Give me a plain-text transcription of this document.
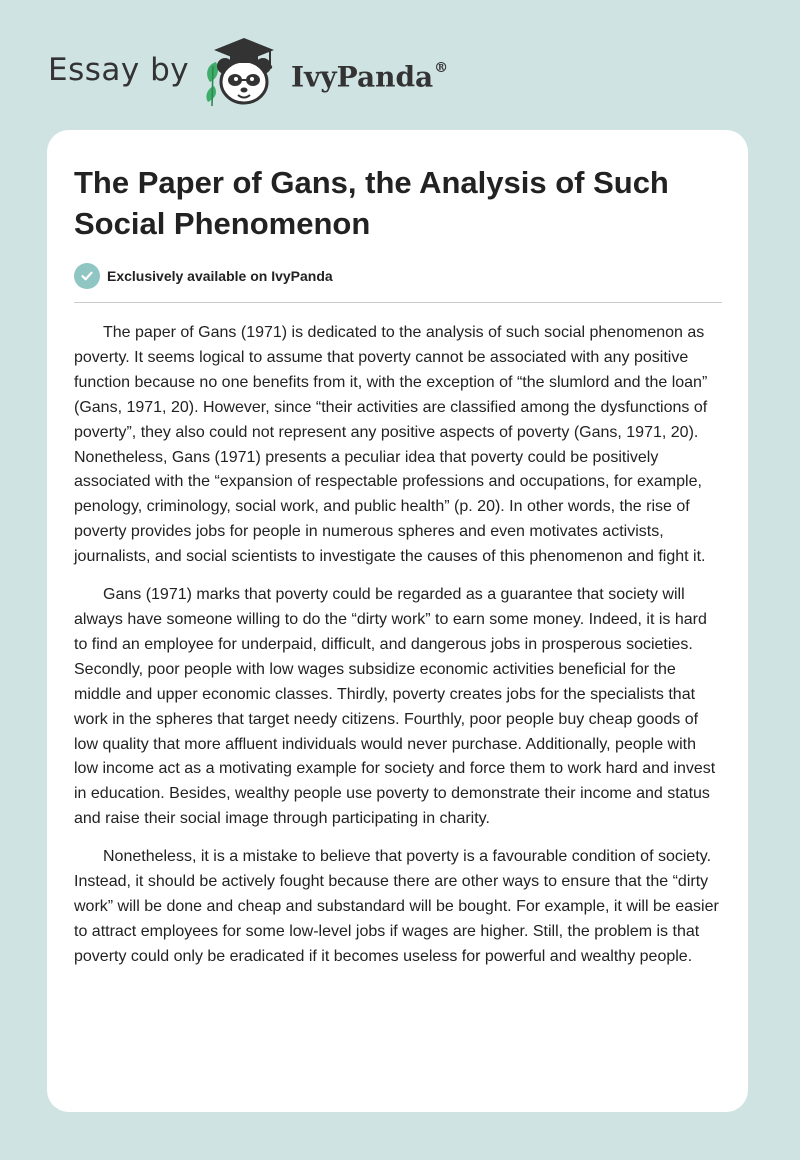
Essay by	IvyPanda®
The Paper of Gans, the Analysis of Such Social Phenomenon
Exclusively available on IvyPanda

The paper of Gans (1971) is dedicated to the analysis of such social phenomenon as poverty. It seems logical to assume that poverty cannot be associated with any positive function because no one benefits from it, with the exception of “the slumlord and the loan” (Gans, 1971, 20). However, since “their activities are classified among the dysfunctions of poverty”, they also could not represent any positive aspects of poverty (Gans, 1971, 20). Nonetheless, Gans (1971) presents a peculiar idea that poverty could be positively associated with the “expansion of respectable professions and occupations, for example, penology, criminology, social work, and public health” (p. 20). In other words, the rise of poverty provides jobs for people in numerous spheres and even motivates activists, journalists, and social scientists to investigate the causes of this phenomenon and fight it.

Gans (1971) marks that poverty could be regarded as a guarantee that society will always have someone willing to do the “dirty work” to earn some money. Indeed, it is hard to find an employee for underpaid, difficult, and dangerous jobs in prosperous societies. Secondly, poor people with low wages subsidize economic activities beneficial for the middle and upper economic classes. Thirdly, poverty creates jobs for the specialists that work in the spheres that target needy citizens. Fourthly, poor people buy cheap goods of low quality that more affluent individuals would never purchase. Additionally, people with low income act as a motivating example for society and force them to work hard and invest in education. Besides, wealthy people use poverty to demonstrate their income and status and raise their social image through participating in charity.

Nonetheless, it is a mistake to believe that poverty is a favourable condition of society. Instead, it should be actively fought because there are other ways to ensure that the “dirty work” will be done and cheap and substandard will be bought. For example, it will be easier to attract employees for some low-level jobs if wages are higher. Still, the problem is that poverty could only be eradicated if it becomes useless for powerful and wealthy people.
